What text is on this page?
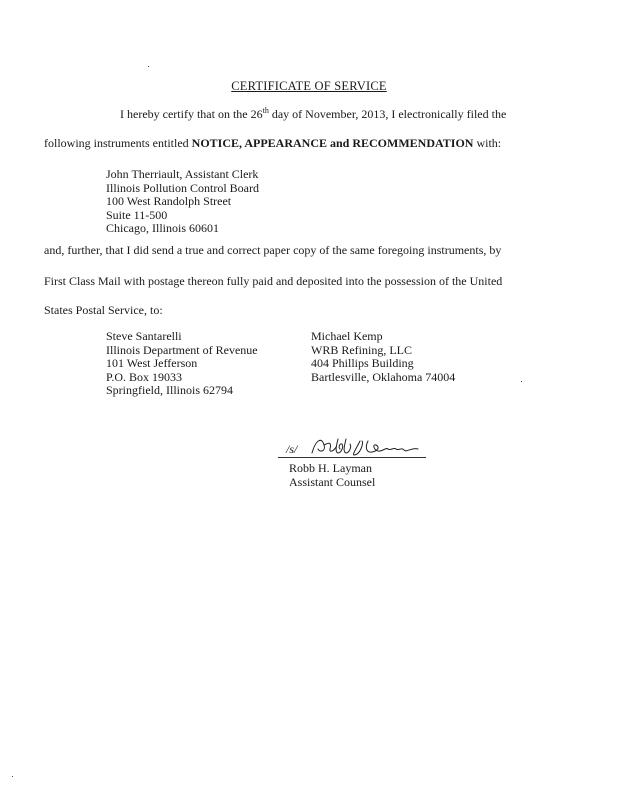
CERTIFICATE OF SERVICE
I hereby certify that on the 26th day of November, 2013, I electronically filed the
following instruments entitled NOTICE, APPEARANCE and RECOMMENDATION with:
John Therriault, Assistant Clerk
Illinois Pollution Control Board
100 West Randolph Street
Suite 11-500
Chicago, Illinois 60601
and, further, that I did send a true and correct paper copy of the same foregoing instruments, by
First Class Mail with postage thereon fully paid and deposited into the possession of the United
States Postal Service, to:
Steve Santarelli
Illinois Department of Revenue
101 West Jefferson
P.O. Box 19033
Springfield, Illinois 62794
Michael Kemp
WRB Refining, LLC
404 Phillips Building
Bartlesville, Oklahoma 74004
/s/
Robb H. Layman
Assistant Counsel
